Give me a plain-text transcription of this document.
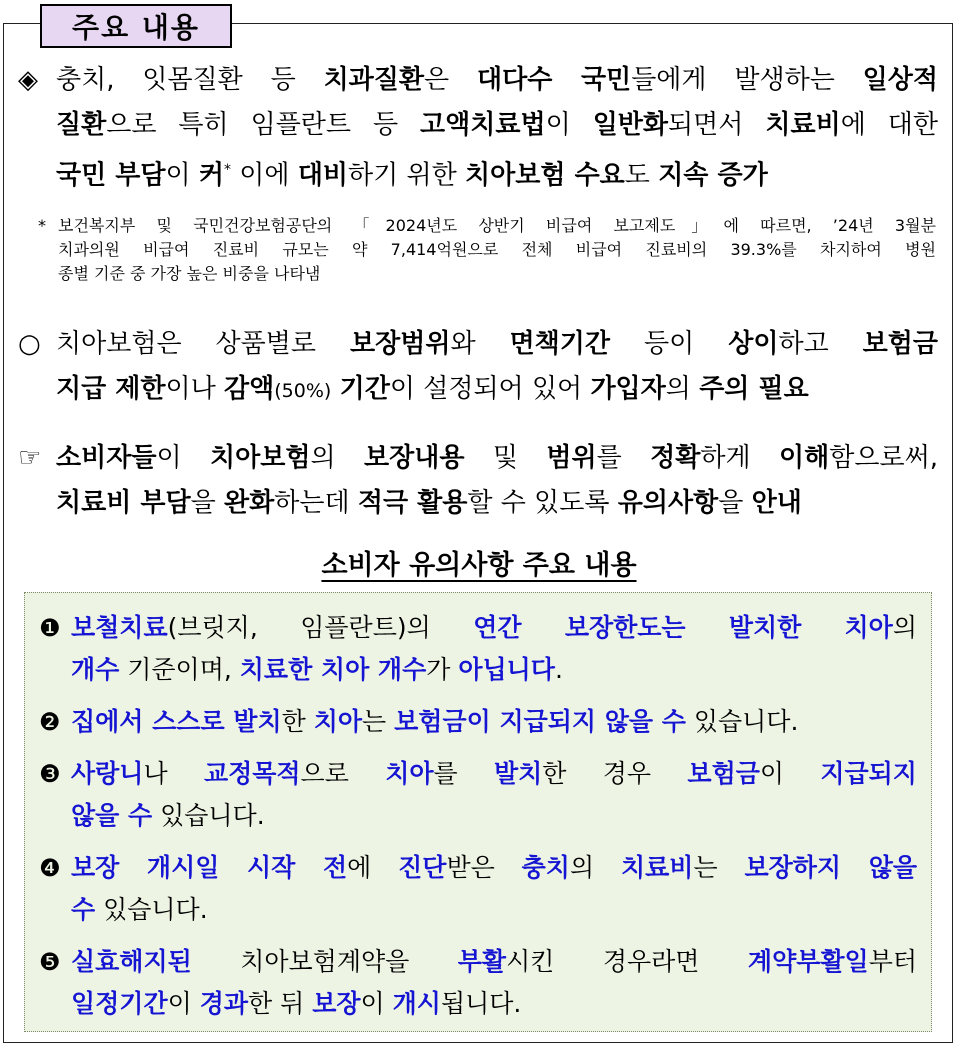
주요 내용
◈충치, 잇몸질환 등 치과질환은 대다수 국민들에게 발생하는 일상적
질환으로 특히 임플란트 등 고액치료법이 일반화되면서 치료비에 대한
국민 부담이 커* 이에 대비하기 위한 치아보험 수요도 지속 증가
* 보건복지부 및 국민건강보험공단의 「2024년도 상반기 비급여 보고제도」에 따르면, ’24년 3월분
치과의원 비급여 진료비 규모는 약 7,414억원으로 전체 비급여 진료비의 39.3%를 차지하여 병원
종별 기준 중 가장 높은 비중을 나타냄
○치아보험은 상품별로 보장범위와 면책기간 등이 상이하고 보험금
지급 제한이나 감액(50%) 기간이 설정되어 있어 가입자의 주의 필요
☞소비자들이 치아보험의 보장내용 및 범위를 정확하게 이해함으로써,
치료비 부담을 완화하는데 적극 활용할 수 있도록 유의사항을 안내
소비자 유의사항 주요 내용
❶ 보철치료(브릿지, 임플란트)의 연간 보장한도는 발치한 치아의
개수 기준이며, 치료한 치아 개수가 아닙니다.
❷ 집에서 스스로 발치한 치아는 보험금이 지급되지 않을 수 있습니다.
❸ 사랑니나 교정목적으로 치아를 발치한 경우 보험금이 지급되지
않을 수 있습니다.
❹ 보장 개시일 시작 전에 진단받은 충치의 치료비는 보장하지 않을
수 있습니다.
❺ 실효해지된 치아보험계약을 부활시킨 경우라면 계약부활일부터
일정기간이 경과한 뒤 보장이 개시됩니다.
